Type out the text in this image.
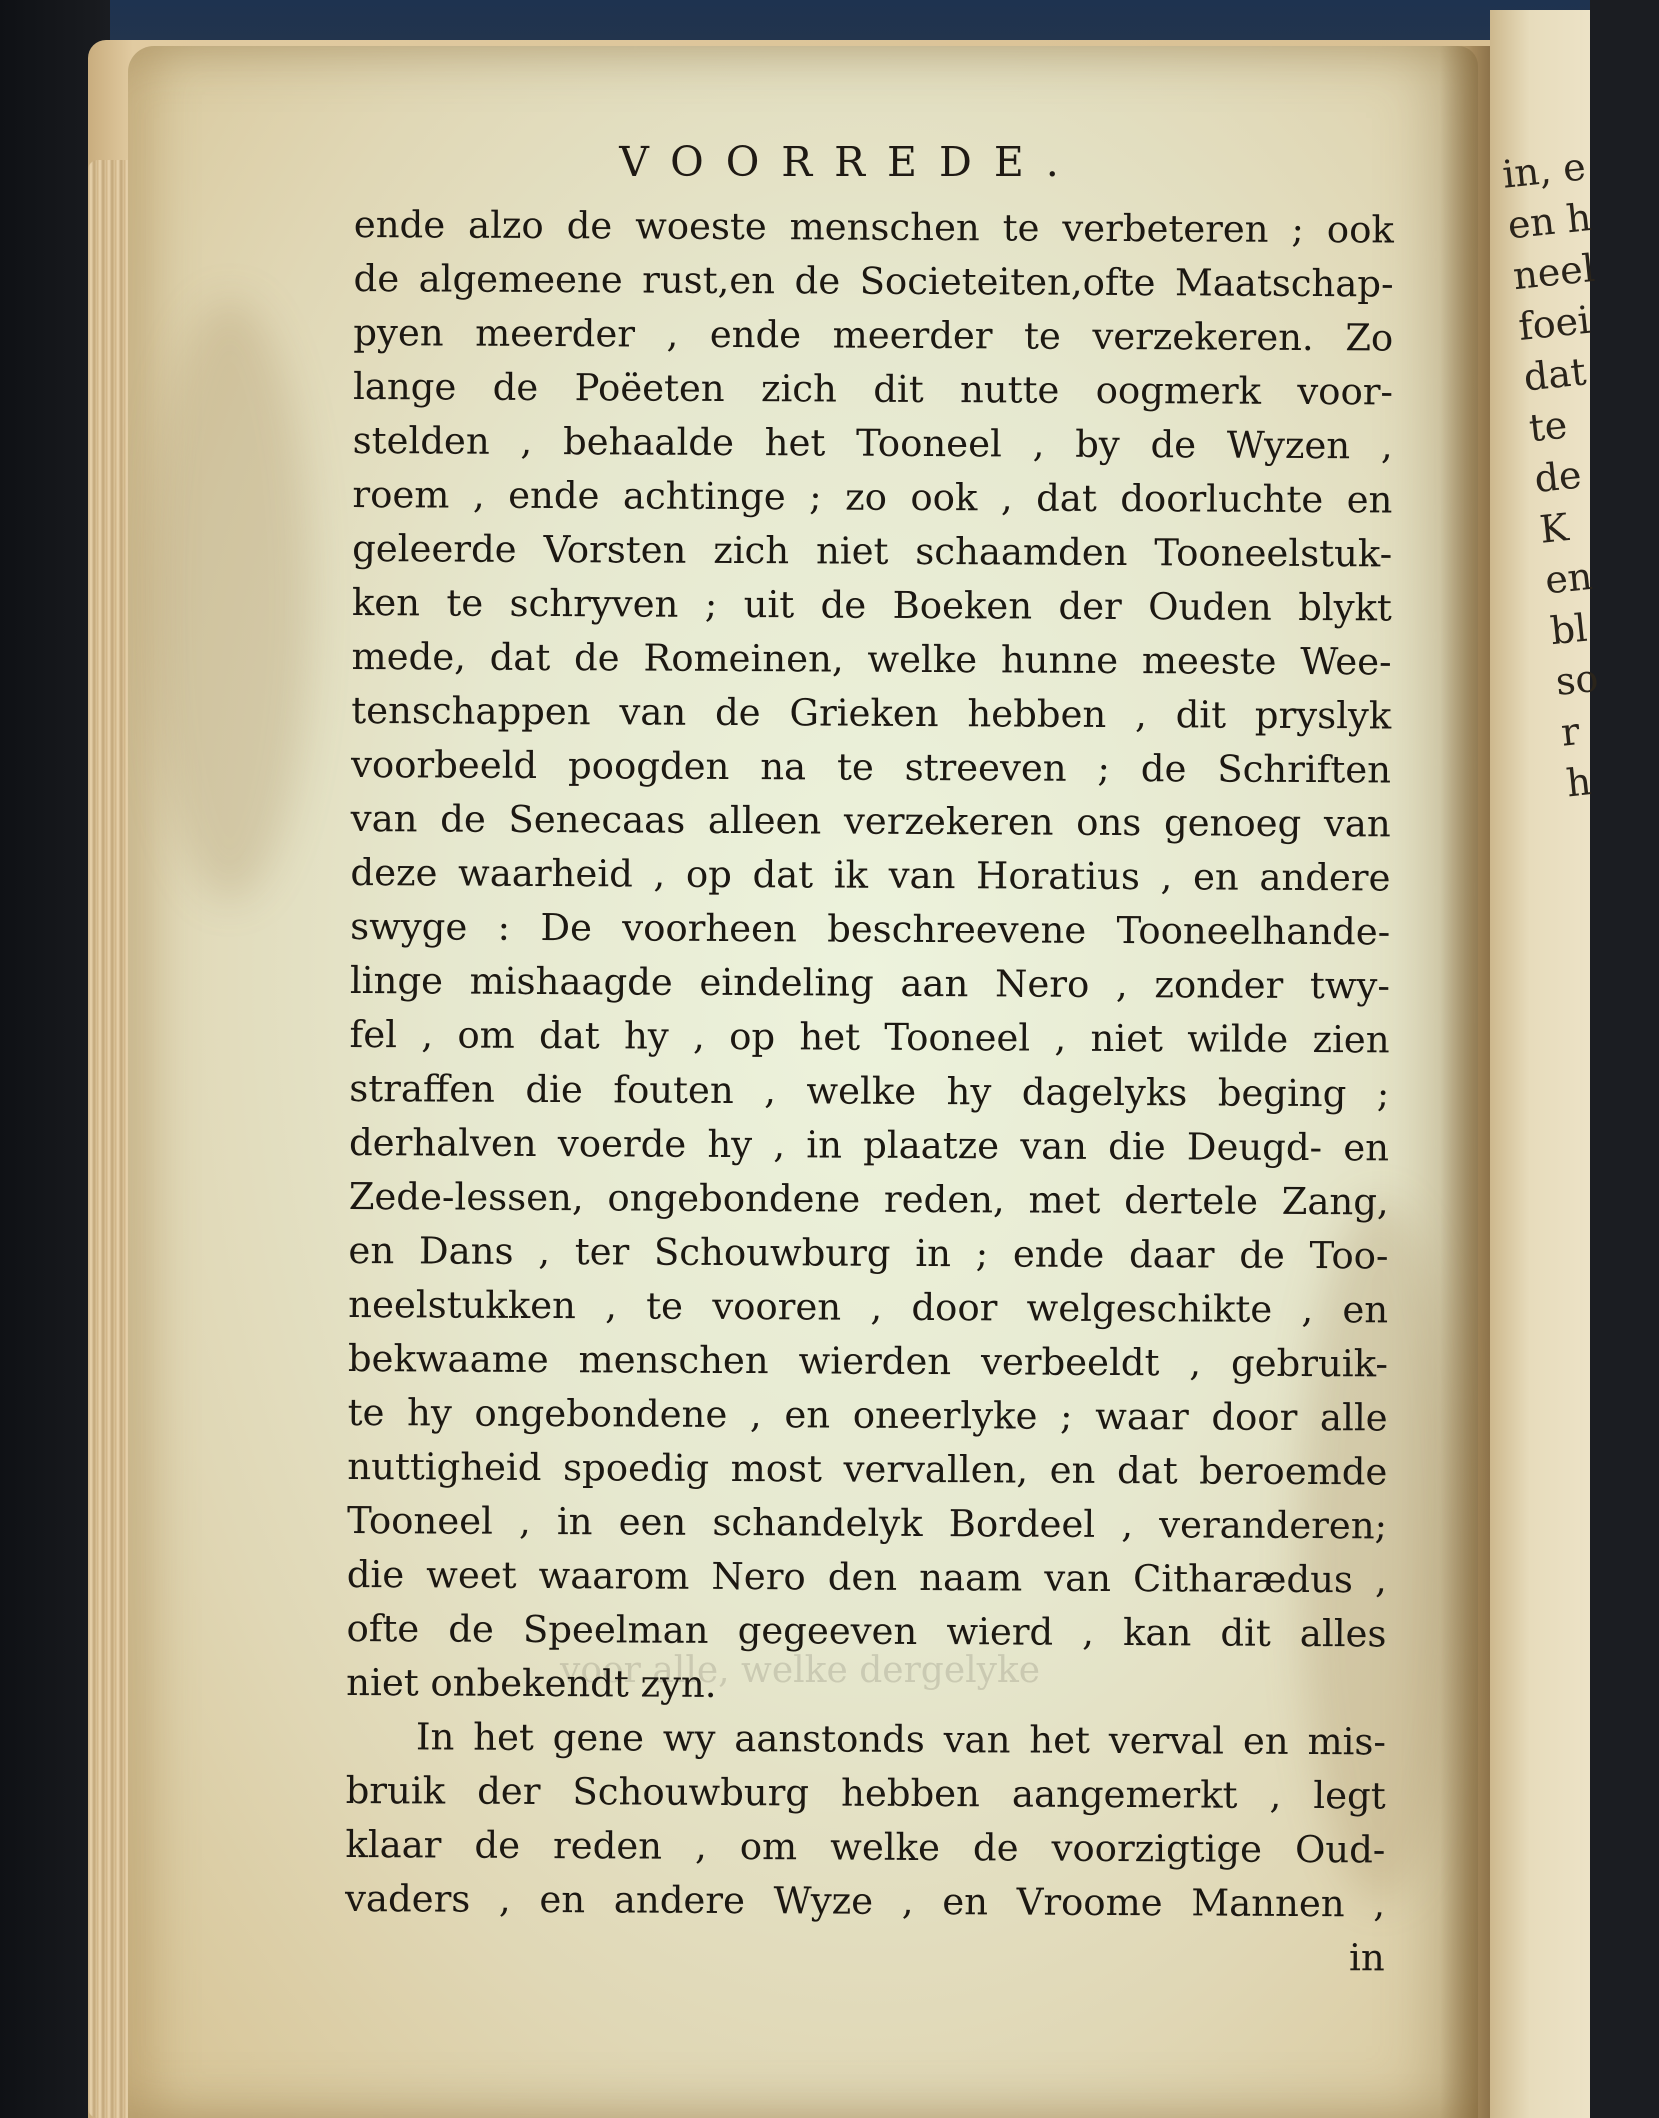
in, e
en h
neel
foei
dat
te
de
K
en
bl
so
r
h
voor alle, welke dergelyke
VOORREDE.
ende alzo de woeste menschen te verbeteren ; ook
de algemeene rust,en de Societeiten,ofte Maatschap-
pyen meerder , ende meerder te verzekeren. Zo
lange de Poëeten zich dit nutte oogmerk voor-
stelden , behaalde het Tooneel , by de Wyzen ,
roem , ende achtinge ; zo ook , dat doorluchte en
geleerde Vorsten zich niet schaamden Tooneelstuk-
ken te schryven ; uit de Boeken der Ouden blykt
mede, dat de Romeinen, welke hunne meeste Wee-
tenschappen van de Grieken hebben , dit pryslyk
voorbeeld poogden na te streeven ; de Schriften
van de Senecaas alleen verzekeren ons genoeg van
deze waarheid , op dat ik van Horatius , en andere
swyge : De voorheen beschreevene Tooneelhande-
linge mishaagde eindeling aan Nero , zonder twy-
fel , om dat hy , op het Tooneel , niet wilde zien
straffen die fouten , welke hy dagelyks beging ;
derhalven voerde hy , in plaatze van die Deugd- en
Zede-lessen, ongebondene reden, met dertele Zang,
en Dans , ter Schouwburg in ; ende daar de Too-
neelstukken , te vooren , door welgeschikte , en
bekwaame menschen wierden verbeeldt , gebruik-
te hy ongebondene , en oneerlyke ; waar door alle
nuttigheid spoedig most vervallen, en dat beroemde
Tooneel , in een schandelyk Bordeel , veranderen;
die weet waarom Nero den naam van Citharædus ,
ofte de Speelman gegeeven wierd , kan dit alles
niet onbekendt zyn.
In het gene wy aanstonds van het verval en mis-
bruik der Schouwburg hebben aangemerkt , legt
klaar de reden , om welke de voorzigtige Oud-
vaders , en andere Wyze , en Vroome Mannen ,
in
